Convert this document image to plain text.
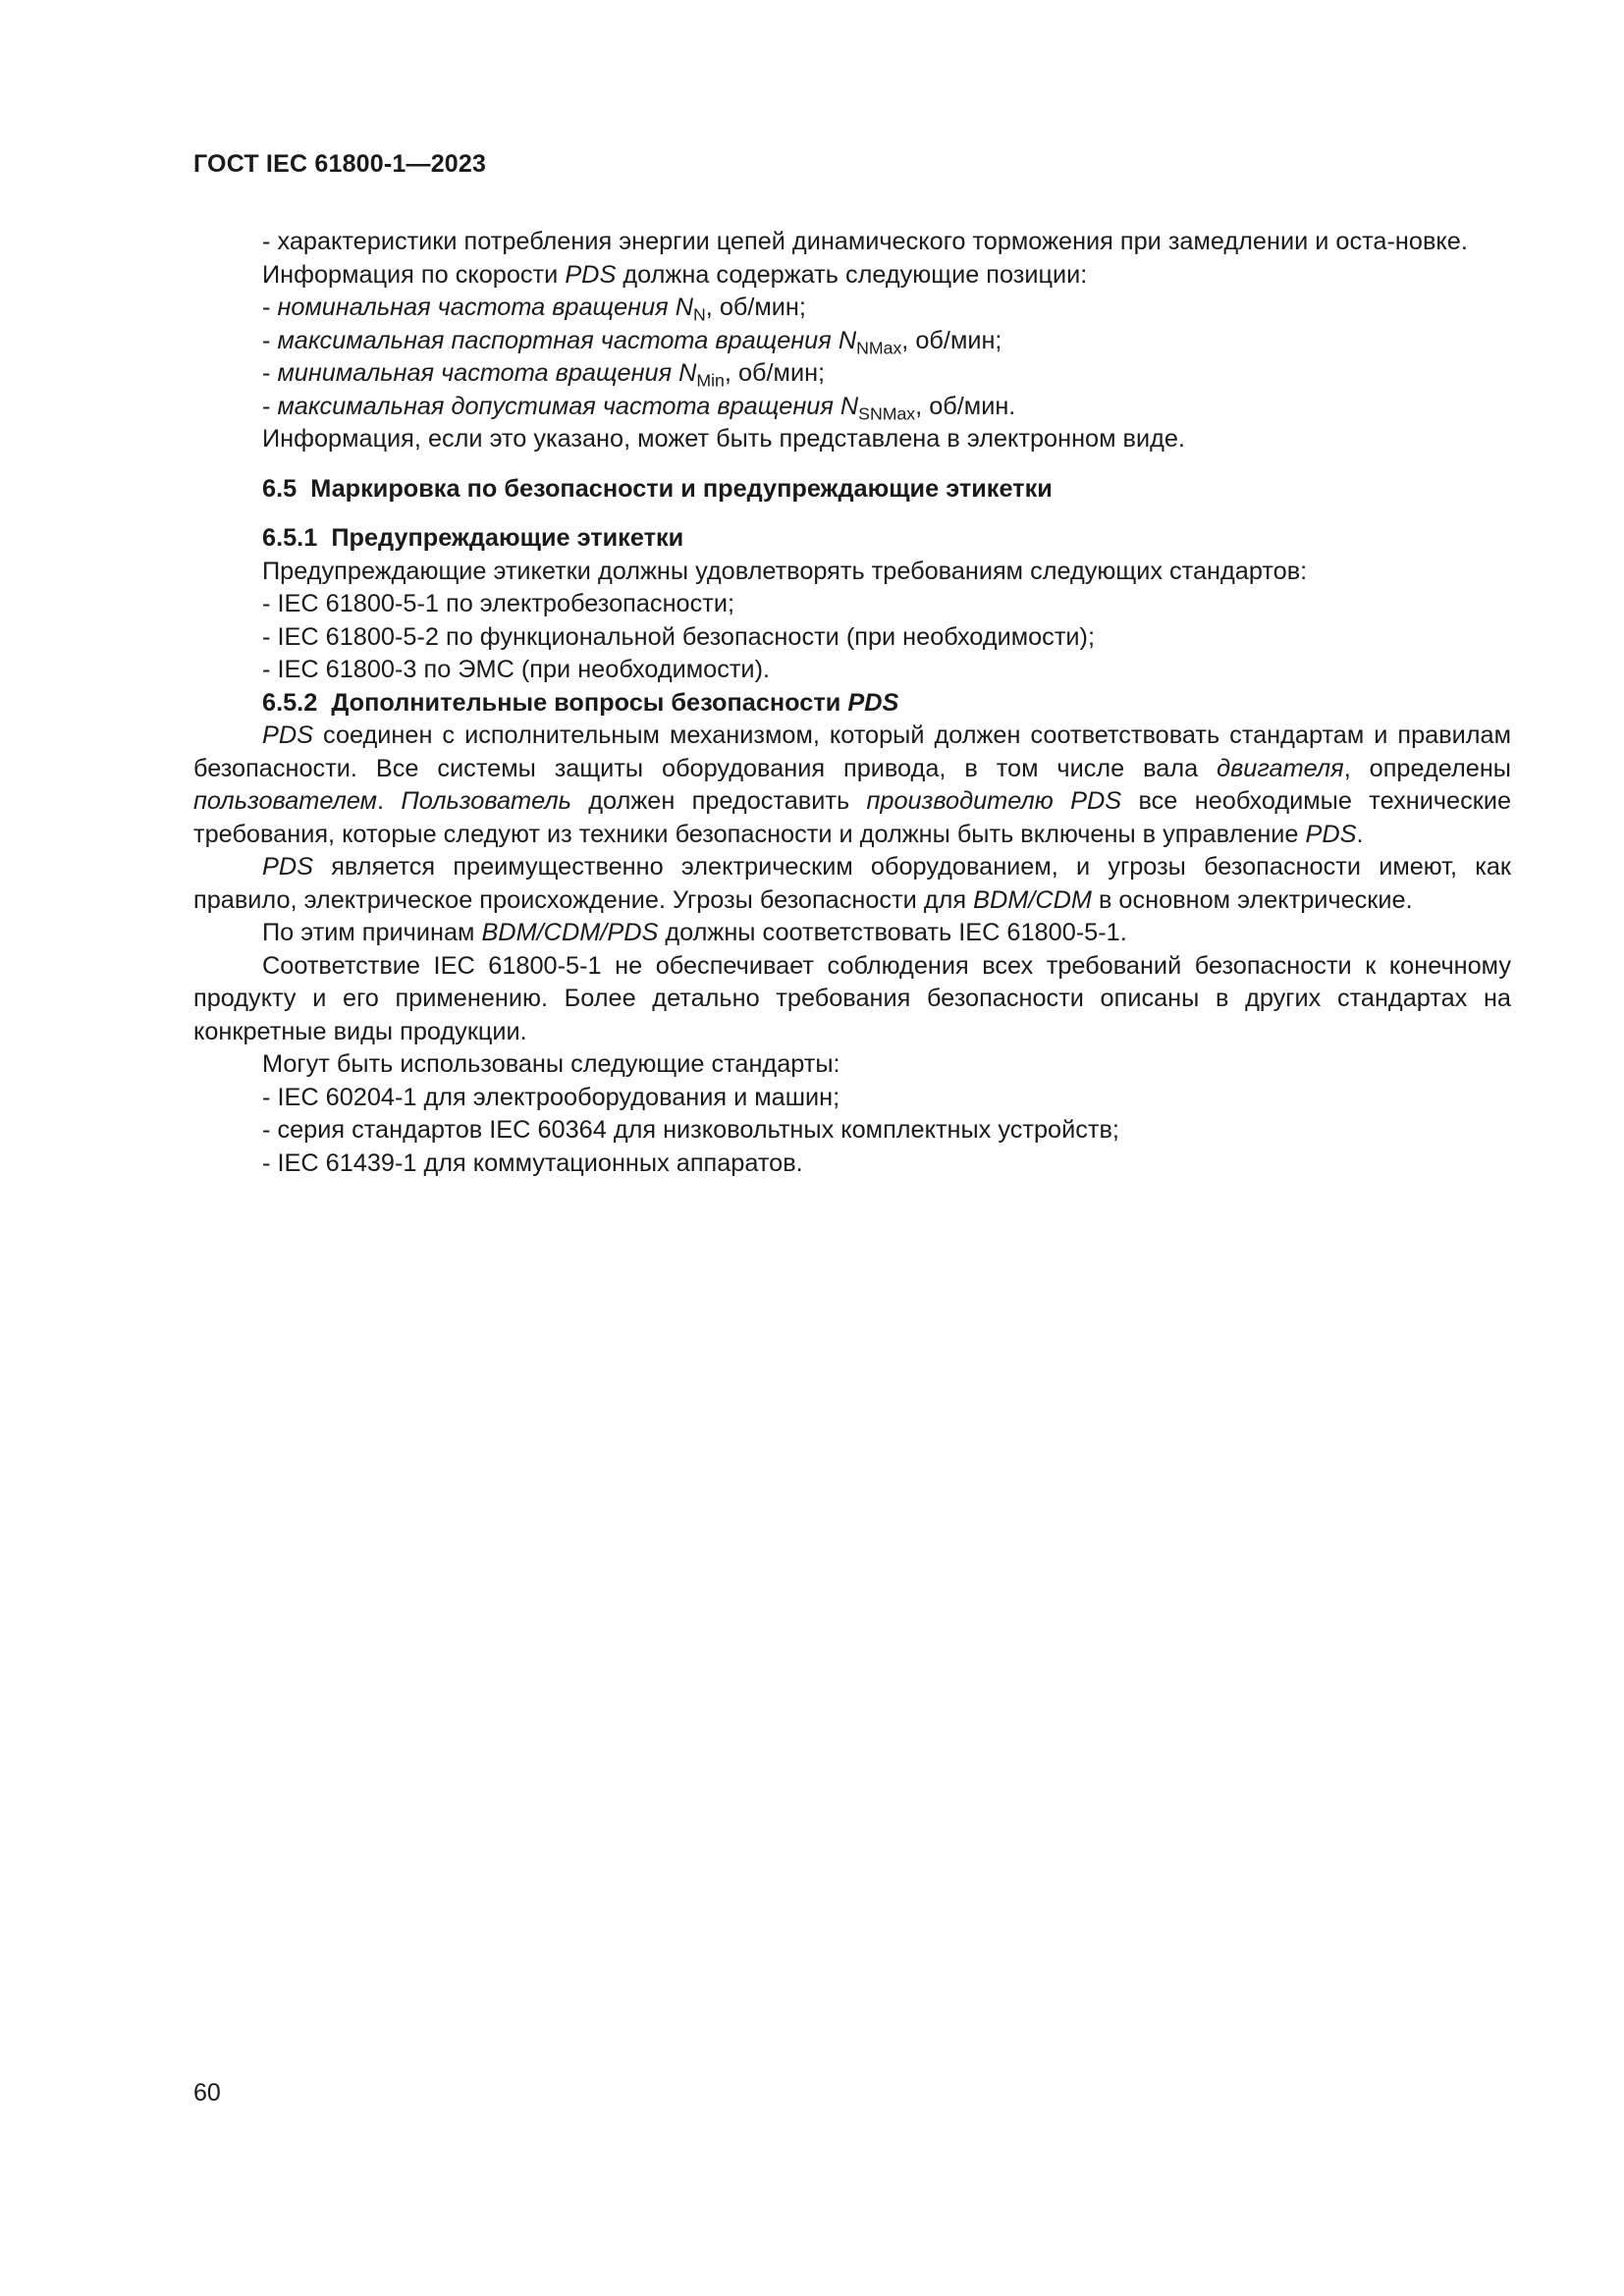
ГОСТ IEC 61800-1—2023

- характеристики потребления энергии цепей динамического торможения при замедлении и оста-новке.

Информация по скорости PDS должна содержать следующие позиции:

- номинальная частота вращения $N_N$, об/мин;

- максимальная паспортная частота вращения $N_{NMax}$, об/мин;

- минимальная частота вращения $N_{Min}$, об/мин;

- максимальная допустимая частота вращения $N_{SNMax}$, об/мин.

Информация, если это указано, может быть представлена в электронном виде.

6.5 Маркировка по безопасности и предупреждающие этикетки

6.5.1 Предупреждающие этикетки

Предупреждающие этикетки должны удовлетворять требованиям следующих стандартов:

- IEC 61800-5-1 по электробезопасности;

- IEC 61800-5-2 по функциональной безопасности (при необходимости);

- IEC 61800-3 по ЭМС (при необходимости).

6.5.2 Дополнительные вопросы безопасности PDS

PDS соединен с исполнительным механизмом, который должен соответствовать стандартам и правилам безопасности. Все системы защиты оборудования привода, в том числе вала двигателя, определены пользователем. Пользователь должен предоставить производителю PDS все необходимые технические требования, которые следуют из техники безопасности и должны быть включены в управление PDS.

PDS является преимущественно электрическим оборудованием, и угрозы безопасности имеют, как правило, электрическое происхождение. Угрозы безопасности для BDM/CDM в основном электрические.

По этим причинам BDM/CDM/PDS должны соответствовать IEC 61800-5-1.

Соответствие IEC 61800-5-1 не обеспечивает соблюдения всех требований безопасности к конечному продукту и его применению. Более детально требования безопасности описаны в других стандартах на конкретные виды продукции.

Могут быть использованы следующие стандарты:

- IEC 60204-1 для электрооборудования и машин;

- серия стандартов IEC 60364 для низковольтных комплектных устройств;

- IEC 61439-1 для коммутационных аппаратов.

60
